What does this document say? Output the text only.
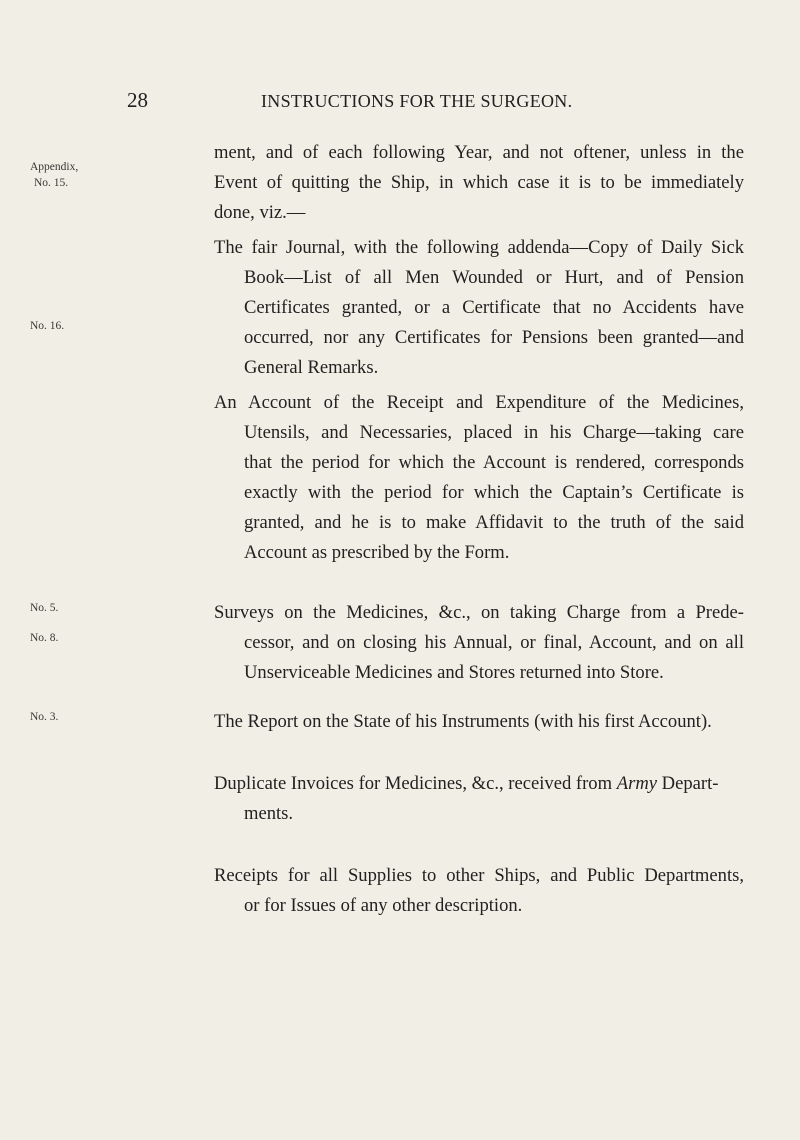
28	INSTRUCTIONS FOR THE SURGEON.
Appendix,
No. 15.
No. 16.
No. 5.
No. 8.
No. 3.
ment, and of each following Year, and not oftener, unless in the
Event of quitting the Ship, in which case it is to be immediately
done, viz.—
The fair Journal, with the following addenda—Copy of Daily Sick
Book—List of all Men Wounded or Hurt, and of Pension
Certificates granted, or a Certificate that no Accidents have
occurred, nor any Certificates for Pensions been granted—and
General Remarks.
An Account of the Receipt and Expenditure of the Medicines,
Utensils, and Necessaries, placed in his Charge—taking care
that the period for which the Account is rendered, corresponds
exactly with the period for which the Captain’s Certificate is
granted, and he is to make Affidavit to the truth of the said
Account as prescribed by the Form.
Surveys on the Medicines, &c., on taking Charge from a Prede-
cessor, and on closing his Annual, or final, Account, and on all
Unserviceable Medicines and Stores returned into Store.
The Report on the State of his Instruments (with his first Account).
Duplicate Invoices for Medicines, &c., received from Army Depart-
ments.
Receipts for all Supplies to other Ships, and Public Departments,
or for Issues of any other description.
